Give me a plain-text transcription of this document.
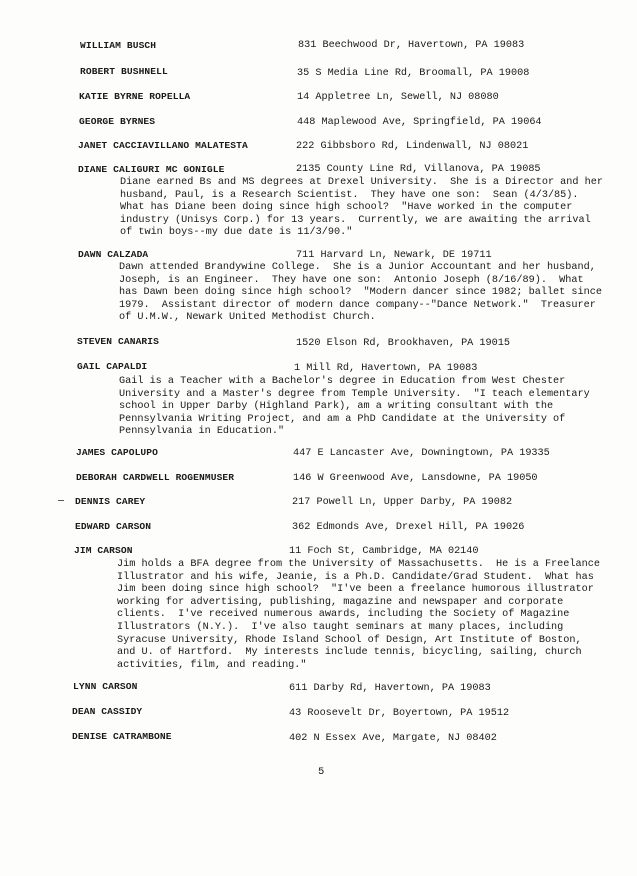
WILLIAM BUSCH	831 Beechwood Dr, Havertown, PA 19083
ROBERT BUSHNELL	35 S Media Line Rd, Broomall, PA 19008
KATIE BYRNE ROPELLA	14 Appletree Ln, Sewell, NJ 08080
GEORGE BYRNES	448 Maplewood Ave, Springfield, PA 19064
JANET CACCIAVILLANO MALATESTA	222 Gibbsboro Rd, Lindenwall, NJ 08021
DIANE CALIGURI MC GONIGLE	2135 County Line Rd, Villanova, PA 19085
Diane earned Bs and MS degrees at Drexel University.  She is a Director and her
husband, Paul, is a Research Scientist.  They have one son:  Sean (4/3/85).
What has Diane been doing since high school?  "Have worked in the computer
industry (Unisys Corp.) for 13 years.  Currently, we are awaiting the arrival
of twin boys--my due date is 11/3/90."
DAWN CALZADA	711 Harvard Ln, Newark, DE 19711
Dawn attended Brandywine College.  She is a Junior Accountant and her husband,
Joseph, is an Engineer.  They have one son:  Antonio Joseph (8/16/89).  What
has Dawn been doing since high school?  "Modern dancer since 1982; ballet since
1979.  Assistant director of modern dance company--"Dance Network."  Treasurer
of U.M.W., Newark United Methodist Church.
STEVEN CANARIS	1520 Elson Rd, Brookhaven, PA 19015
GAIL CAPALDI	1 Mill Rd, Havertown, PA 19083
Gail is a Teacher with a Bachelor's degree in Education from West Chester
University and a Master's degree from Temple University.  "I teach elementary
school in Upper Darby (Highland Park), am a writing consultant with the
Pennsylvania Writing Project, and am a PhD Candidate at the University of
Pennsylvania in Education."
JAMES CAPOLUPO	447 E Lancaster Ave, Downingtown, PA 19335
DEBORAH CARDWELL ROGENMUSER	146 W Greenwood Ave, Lansdowne, PA 19050
DENNIS CAREY	217 Powell Ln, Upper Darby, PA 19082
EDWARD CARSON	362 Edmonds Ave, Drexel Hill, PA 19026
JIM CARSON	11 Foch St, Cambridge, MA 02140
Jim holds a BFA degree from the University of Massachusetts.  He is a Freelance
Illustrator and his wife, Jeanie, is a Ph.D. Candidate/Grad Student.  What has
Jim been doing since high school?  "I've been a freelance humorous illustrator
working for advertising, publishing, magazine and newspaper and corporate
clients.  I've received numerous awards, including the Society of Magazine
Illustrators (N.Y.).  I've also taught seminars at many places, including
Syracuse University, Rhode Island School of Design, Art Institute of Boston,
and U. of Hartford.  My interests include tennis, bicycling, sailing, church
activities, film, and reading."
LYNN CARSON	611 Darby Rd, Havertown, PA 19083
DEAN CASSIDY	43 Roosevelt Dr, Boyertown, PA 19512
DENISE CATRAMBONE	402 N Essex Ave, Margate, NJ 08402
5
